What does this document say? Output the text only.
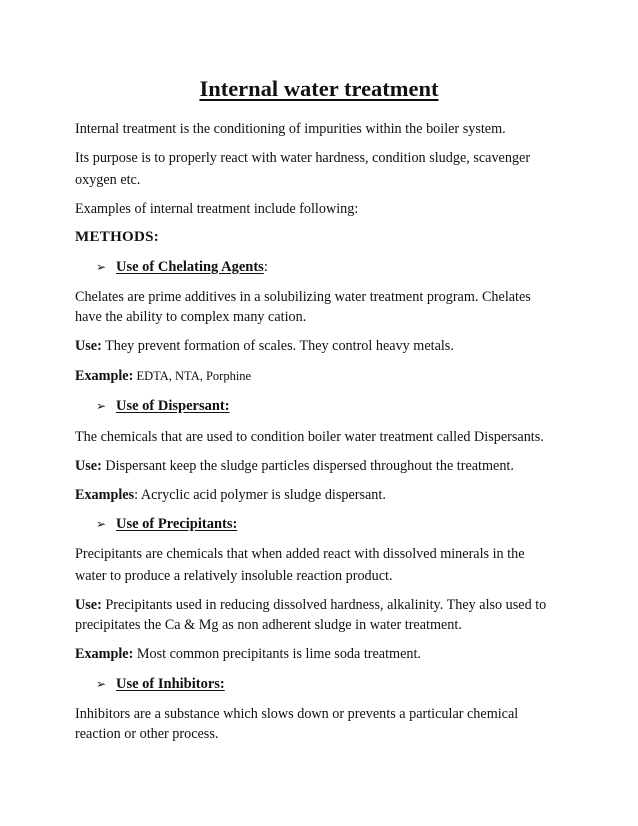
Internal water treatment
Internal treatment is the conditioning of impurities within the boiler system.
Its purpose is to properly react with water hardness, condition sludge, scavenger
oxygen etc.
Examples of internal treatment include following:
METHODS:
➢ Use of Chelating Agents:
Chelates are prime additives in a solubilizing water treatment program. Chelates
have the ability to complex many cation.
Use: They prevent formation of scales. They control heavy metals.
Example: EDTA, NTA, Porphine
➢ Use of Dispersant:
The chemicals that are used to condition boiler water treatment called Dispersants.
Use: Dispersant keep the sludge particles dispersed throughout the treatment.
Examples: Acryclic acid polymer is sludge dispersant.
➢ Use of Precipitants:
Precipitants are chemicals that when added react with dissolved minerals in the
water to produce a relatively insoluble reaction product.
Use: Precipitants used in reducing dissolved hardness, alkalinity. They also used to
precipitates the Ca & Mg as non adherent sludge in water treatment.
Example: Most common precipitants is lime soda treatment.
➢ Use of Inhibitors:
Inhibitors are a substance which slows down or prevents a particular chemical
reaction or other process.
